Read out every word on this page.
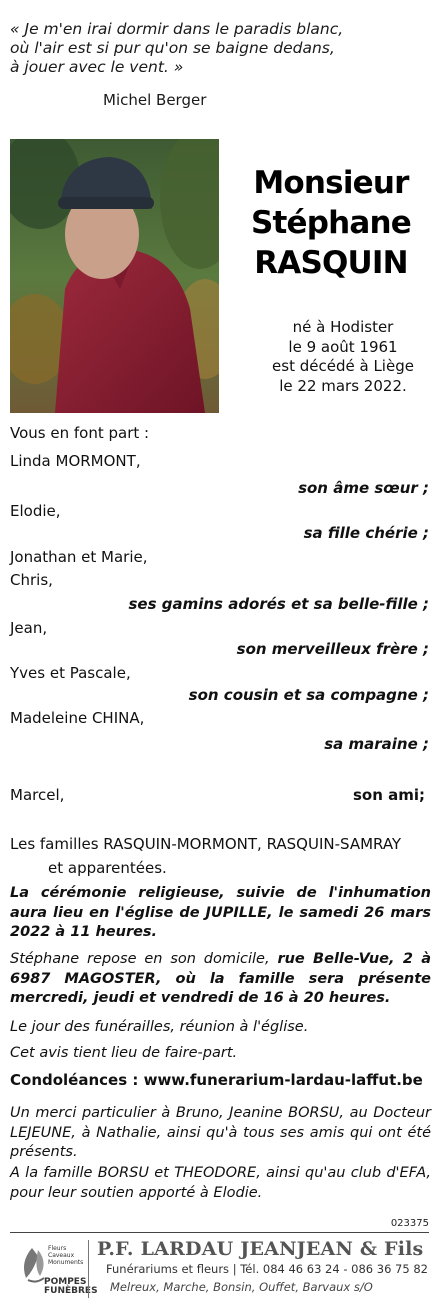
« Je m'en irai dormir dans le paradis blanc,
où l'air est si pur qu'on se baigne dedans,
à jouer avec le vent. »
Michel Berger
Monsieur
Stéphane
RASQUIN
né à Hodister
le 9 août 1961
est décédé à Liège
le 22 mars 2022.
Vous en font part :
Linda MORMONT,
son âme sœur ;
Elodie,
sa fille chérie ;
Jonathan et Marie,
Chris,
ses gamins adorés et sa belle-fille ;
Jean,
son merveilleux frère ;
Yves et Pascale,
son cousin et sa compagne ;
Madeleine CHINA,
sa maraine ;
Marcel,	son ami;
Les familles RASQUIN-MORMONT, RASQUIN-SAMRAY
et apparentées.
La cérémonie religieuse, suivie de l'inhumation aura lieu en l'église de JUPILLE, le samedi 26 mars 2022 à 11 heures.
Stéphane repose en son domicile, rue Belle-Vue, 2 à 6987 MAGOSTER, où la famille sera présente mercredi, jeudi et vendredi de 16 à 20 heures.
Le jour des funérailles, réunion à l'église.
Cet avis tient lieu de faire-part.
Condoléances : www.funerarium-lardau-laffut.be
Un merci particulier à Bruno, Jeanine BORSU, au Docteur LEJEUNE, à Nathalie, ainsi qu'à tous ses amis qui ont été présents.
A la famille BORSU et THEODORE, ainsi qu'au club d'EFA, pour leur soutien apporté à Elodie.
023375
Fleurs
Caveaux
Monuments
POMPES
FUNÈBRES
P.F. LARDAU JEANJEAN & Fils
Funérariums et fleurs | Tél. 084 46 63 24 - 086 36 75 82
Melreux, Marche, Bonsin, Ouffet, Barvaux s/O
